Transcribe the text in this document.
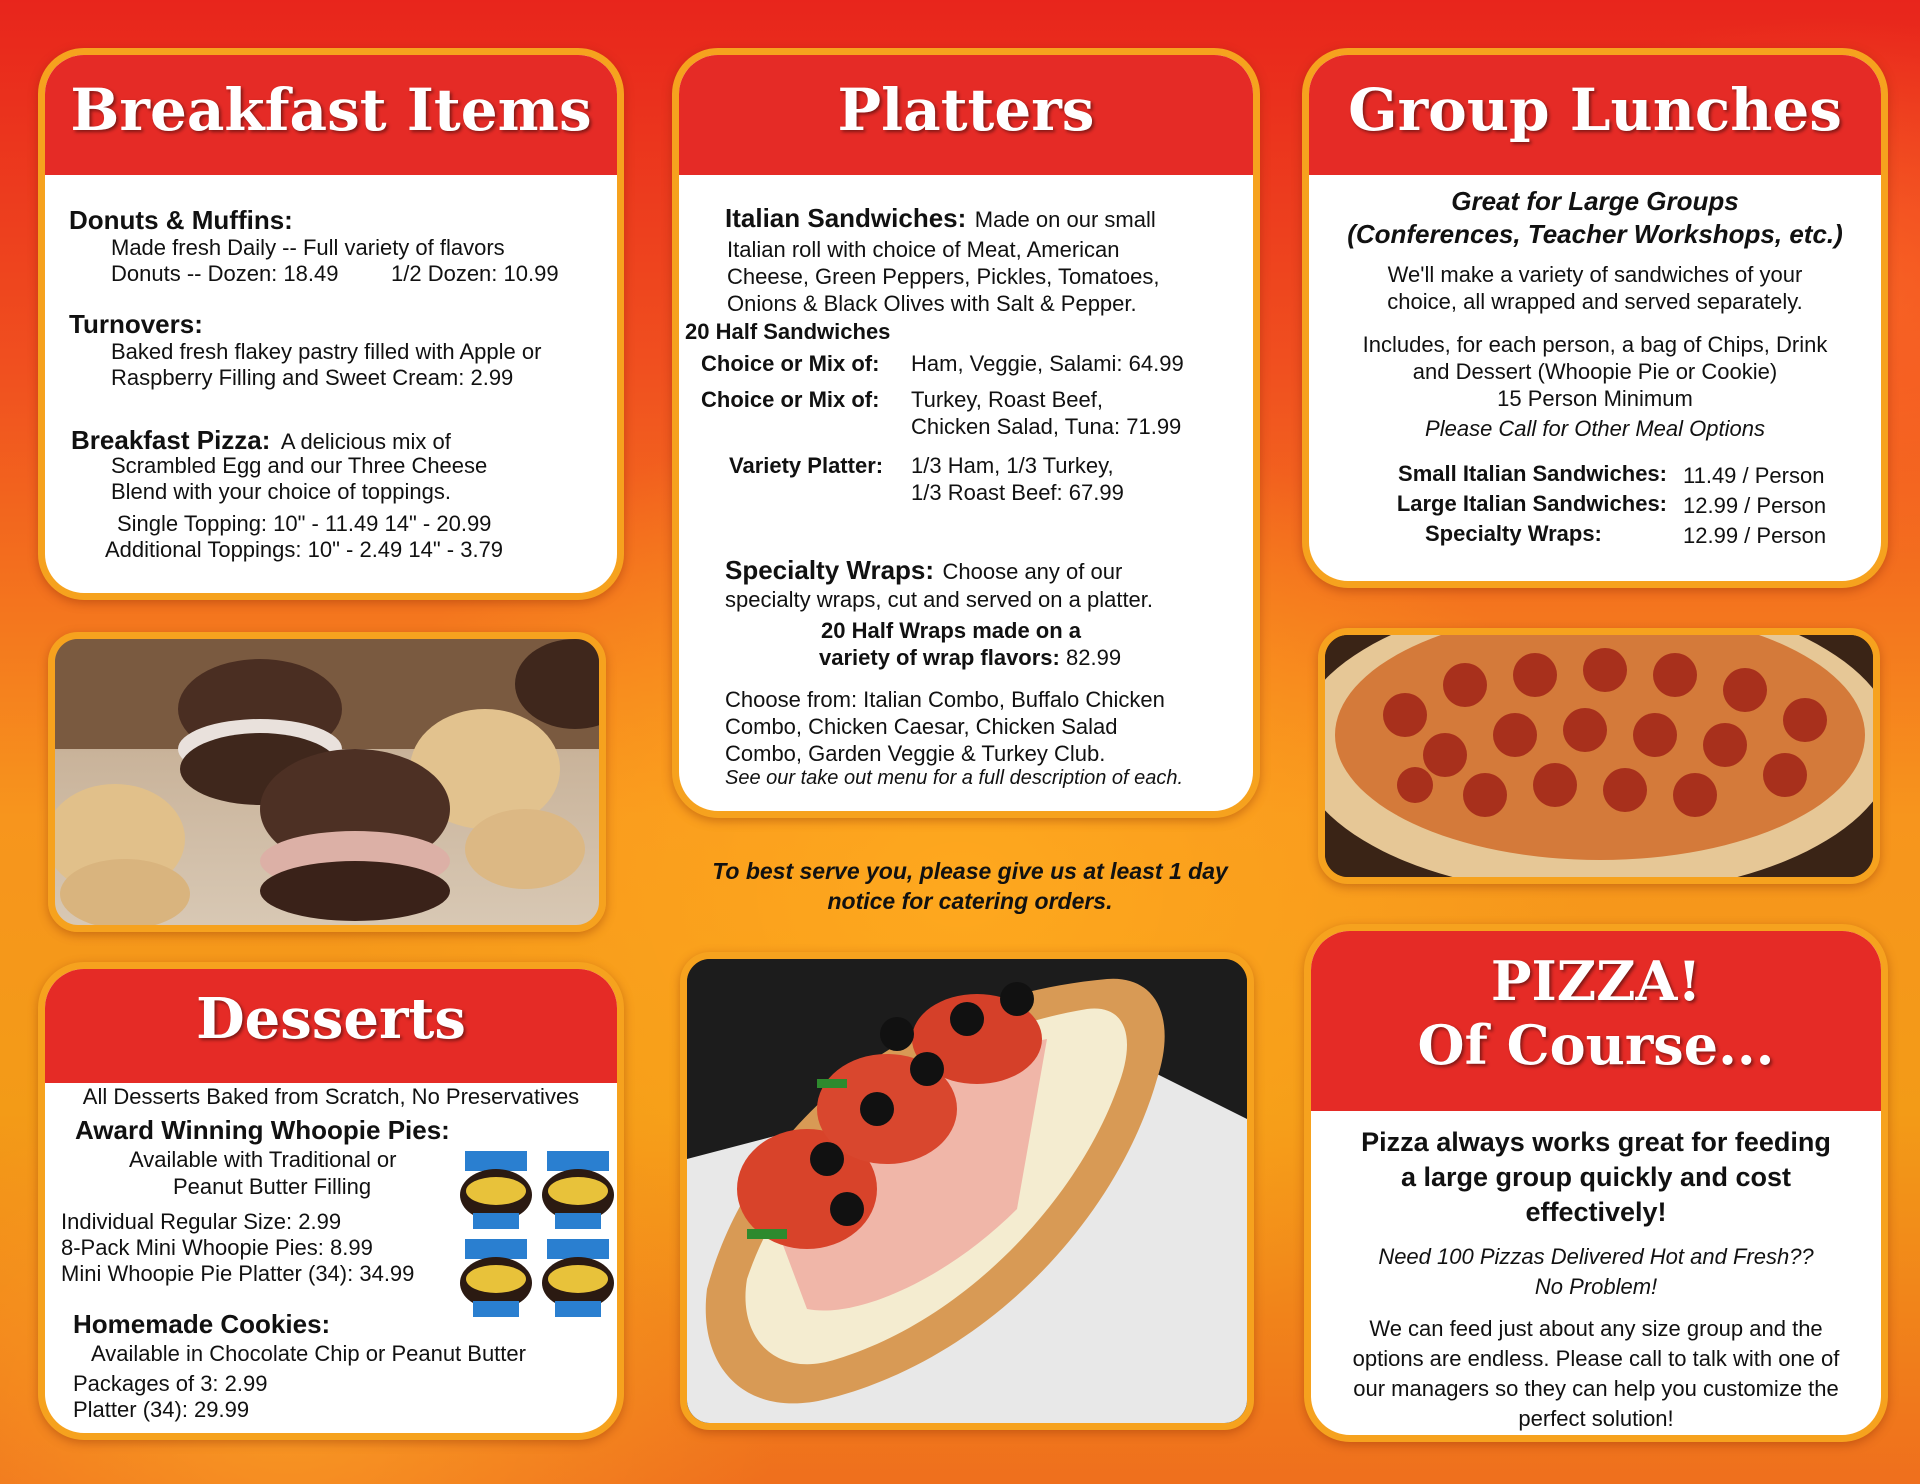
Breakfast Items
Donuts & Muffins:
Made fresh Daily -- Full variety of flavors
Donuts -- Dozen: 18.49 1/2 Dozen: 10.99
Turnovers:
Baked fresh flakey pastry filled with Apple or
Raspberry Filling and Sweet Cream: 2.99
Breakfast Pizza: A delicious mix of
Scrambled Egg and our Three Cheese
Blend with your choice of toppings.
Single Topping: 10" - 11.49 14" - 20.99
Additional Toppings: 10" - 2.49 14" - 3.79
Platters
Italian Sandwiches: Made on our small
Italian roll with choice of Meat, American
Cheese, Green Peppers, Pickles, Tomatoes,
Onions & Black Olives with Salt & Pepper.
20 Half Sandwiches
Choice or Mix of: Ham, Veggie, Salami: 64.99
Choice or Mix of: Turkey, Roast Beef,
Chicken Salad, Tuna: 71.99
Variety Platter: 1/3 Ham, 1/3 Turkey,
1/3 Roast Beef: 67.99
Specialty Wraps: Choose any of our
specialty wraps, cut and served on a platter.
20 Half Wraps made on a
variety of wrap flavors: 82.99
Choose from: Italian Combo, Buffalo Chicken
Combo, Chicken Caesar, Chicken Salad
Combo, Garden Veggie & Turkey Club.
See our take out menu for a full description of each.
To best serve you, please give us at least 1 day
notice for catering orders.
Group Lunches
Great for Large Groups
(Conferences, Teacher Workshops, etc.)
We'll make a variety of sandwiches of your
choice, all wrapped and served separately.
Includes, for each person, a bag of Chips, Drink
and Dessert (Whoopie Pie or Cookie)
15 Person Minimum
Please Call for Other Meal Options
Small Italian Sandwiches: 11.49 / Person
Large Italian Sandwiches: 12.99 / Person
Specialty Wraps:	12.99 / Person
Desserts
All Desserts Baked from Scratch, No Preservatives
Award Winning Whoopie Pies:
Available with Traditional or
Peanut Butter Filling
Individual Regular Size: 2.99
8-Pack Mini Whoopie Pies: 8.99
Mini Whoopie Pie Platter (34): 34.99
Homemade Cookies:
Available in Chocolate Chip or Peanut Butter
Packages of 3: 2.99
Platter (34): 29.99
PIZZA!
Of Course...
Pizza always works great for feeding
a large group quickly and cost
effectively!
Need 100 Pizzas Delivered Hot and Fresh??
No Problem!
We can feed just about any size group and the
options are endless. Please call to talk with one of
our managers so they can help you customize the
perfect solution!
